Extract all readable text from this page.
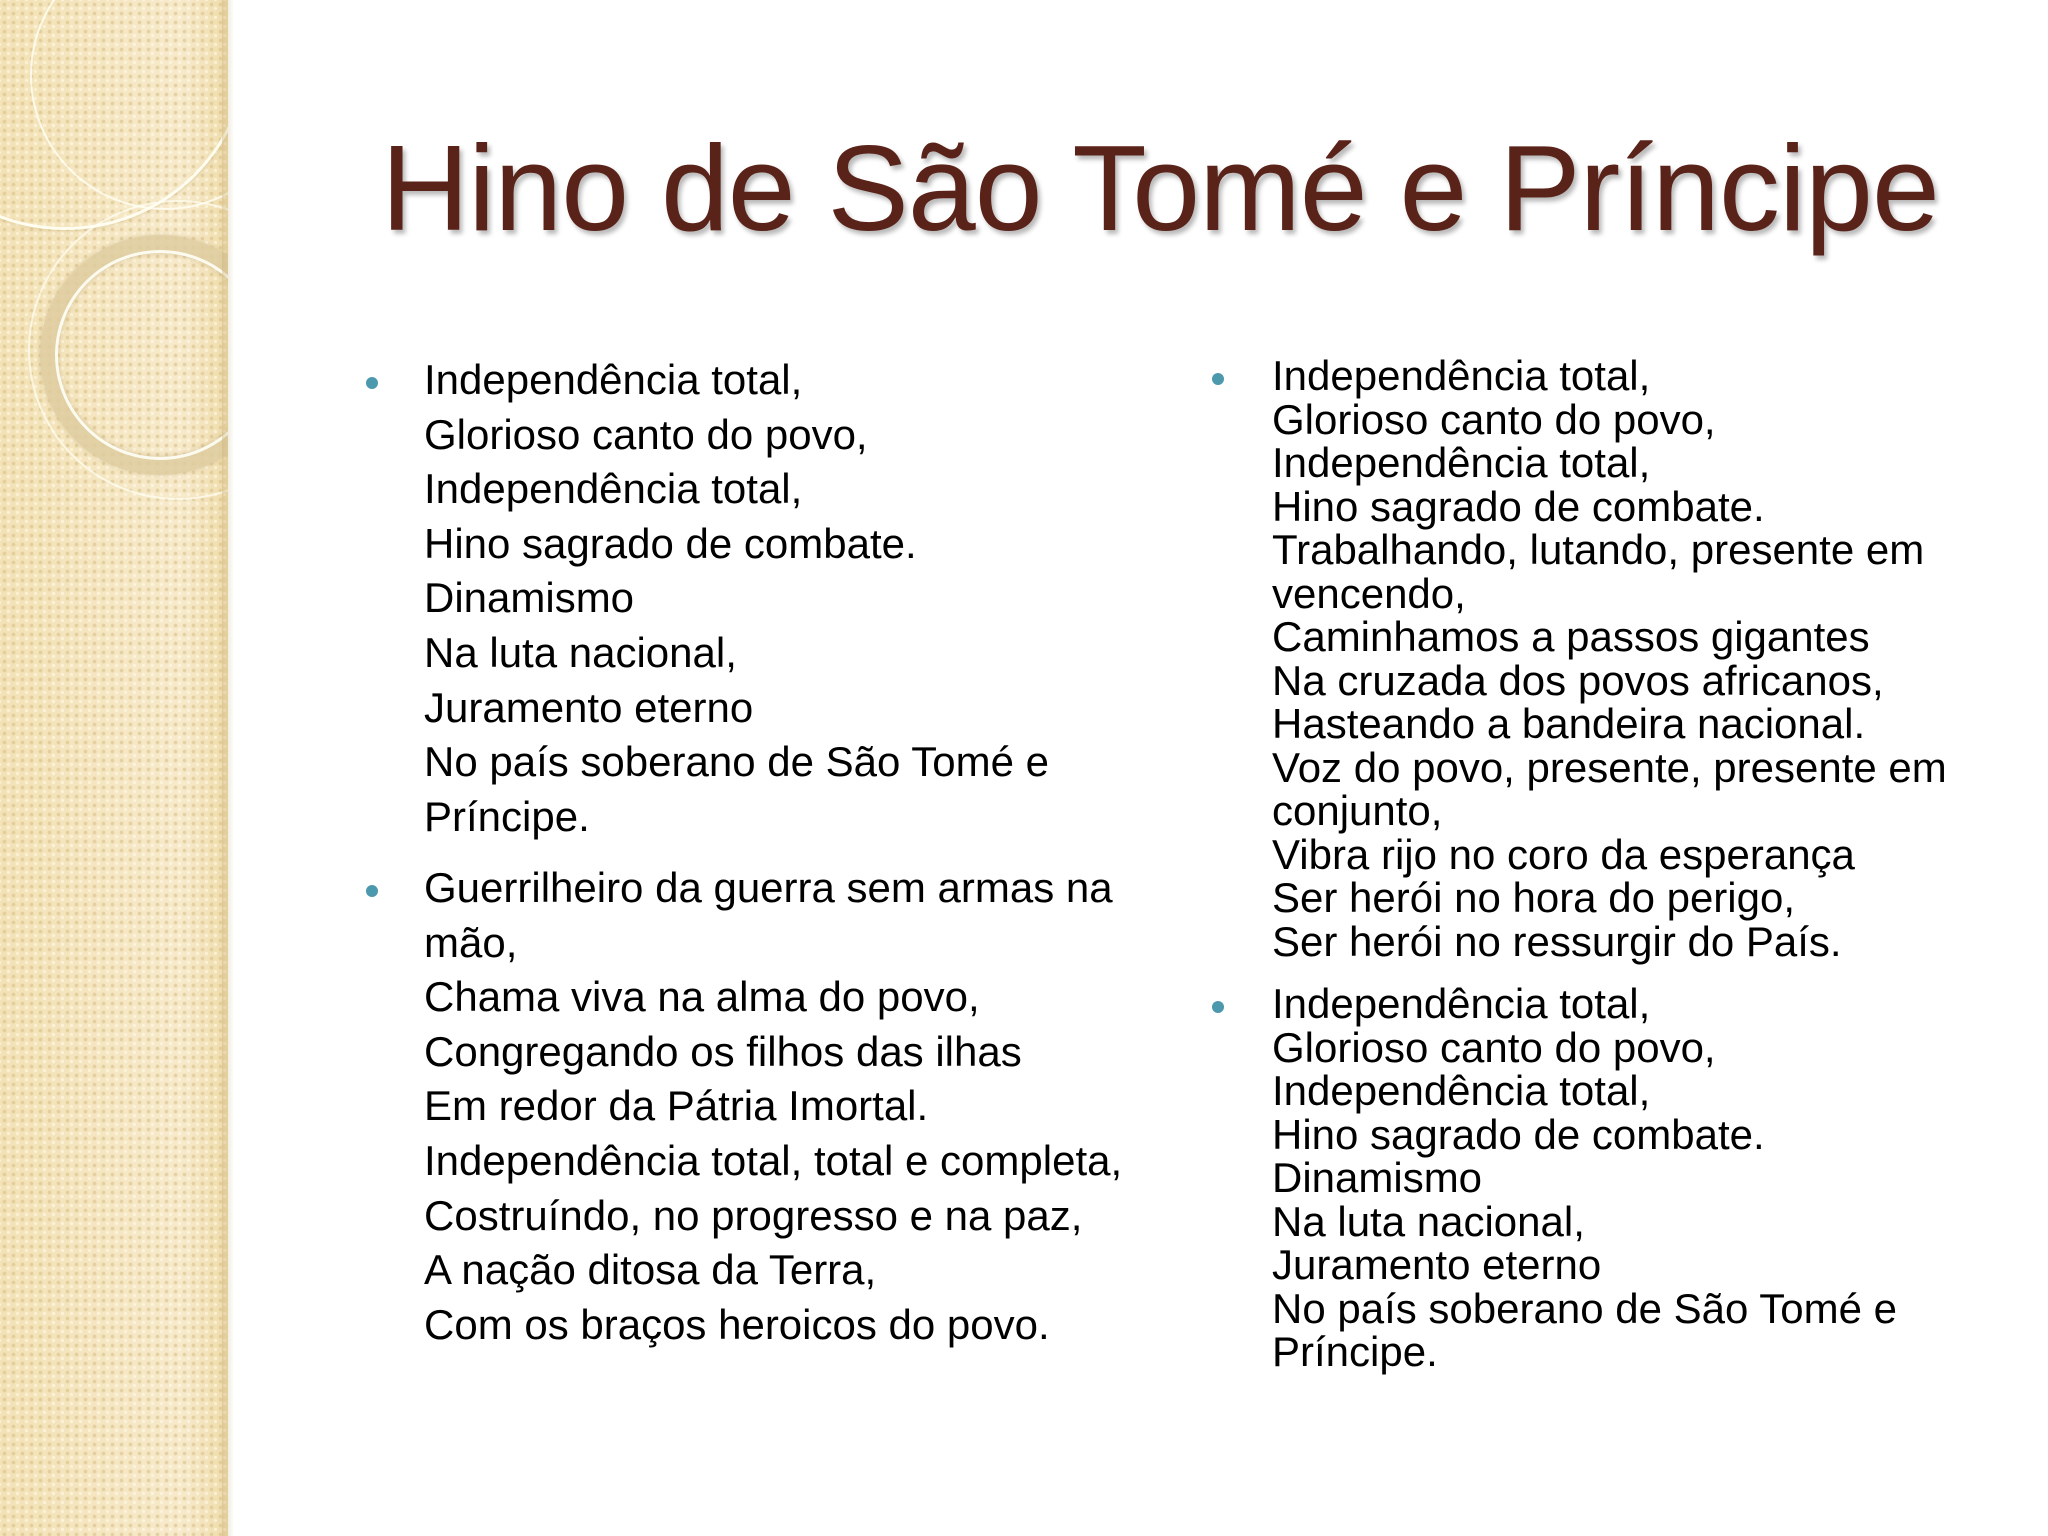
Hino de São Tomé e Príncipe

Independência total,
Glorioso canto do povo,
Independência total,
Hino sagrado de combate.
Dinamismo
Na luta nacional,
Juramento eterno
No país soberano de São Tomé e
Príncipe.

Guerrilheiro da guerra sem armas na
mão,
Chama viva na alma do povo,
Congregando os filhos das ilhas
Em redor da Pátria Imortal.
Independência total, total e completa,
Costruíndo, no progresso e na paz,
A nação ditosa da Terra,
Com os braços heroicos do povo.

Independência total,
Glorioso canto do povo,
Independência total,
Hino sagrado de combate.
Trabalhando, lutando, presente em
vencendo,
Caminhamos a passos gigantes
Na cruzada dos povos africanos,
Hasteando a bandeira nacional.
Voz do povo, presente, presente em
conjunto,
Vibra rijo no coro da esperança
Ser herói no hora do perigo,
Ser herói no ressurgir do País.

Independência total,
Glorioso canto do povo,
Independência total,
Hino sagrado de combate.
Dinamismo
Na luta nacional,
Juramento eterno
No país soberano de São Tomé e
Príncipe.
